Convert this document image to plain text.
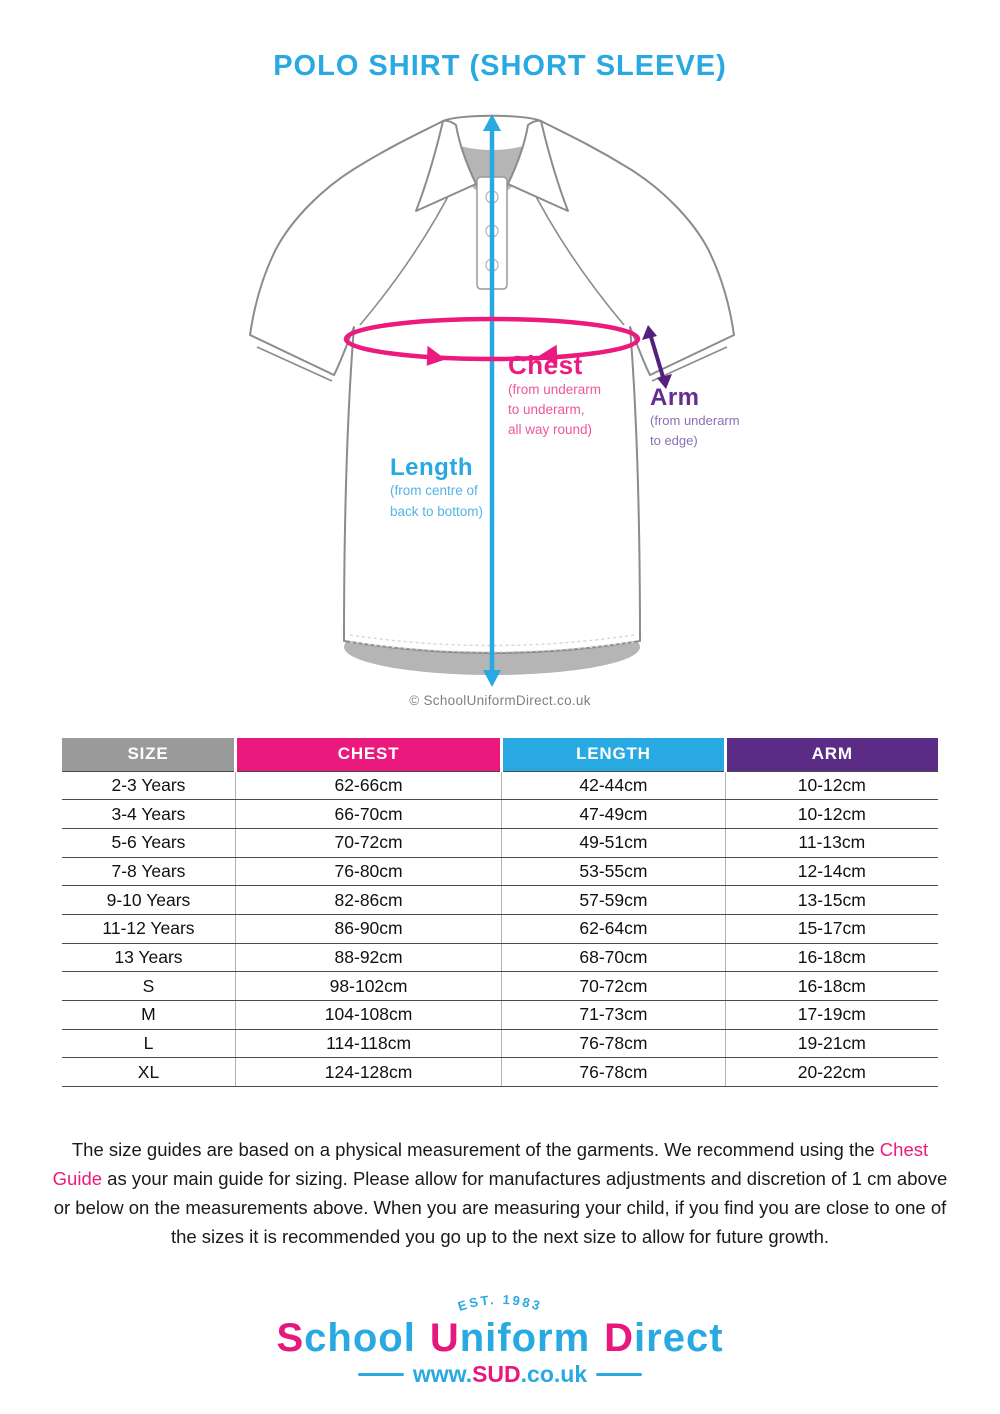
POLO SHIRT (SHORT SLEEVE)
Chest
(from underarm
to underarm,
all way round)
Arm
(from underarm
to edge)
Length
(from centre of
back to bottom)
© SchoolUniformDirect.co.uk
SIZE	CHEST	LENGTH	ARM
2-3 Years	62-66cm	42-44cm	10-12cm
3-4 Years	66-70cm	47-49cm	10-12cm
5-6 Years	70-72cm	49-51cm	11-13cm
7-8 Years	76-80cm	53-55cm	12-14cm
9-10 Years	82-86cm	57-59cm	13-15cm
11-12 Years	86-90cm	62-64cm	15-17cm
13 Years	88-92cm	68-70cm	16-18cm
S	98-102cm	70-72cm	16-18cm
M	104-108cm	71-73cm	17-19cm
L	114-118cm	76-78cm	19-21cm
XL	124-128cm	76-78cm	20-22cm

The size guides are based on a physical measurement of the garments. We recommend using the Chest Guide as your main guide for sizing. Please allow for manufactures adjustments and discretion of 1 cm above or below on the measurements above. When you are measuring your child, if you find you are close to one of the sizes it is recommended you go up to the next size to allow for future growth.

EST. 1983
School Uniform Direct
www.SUD.co.uk
